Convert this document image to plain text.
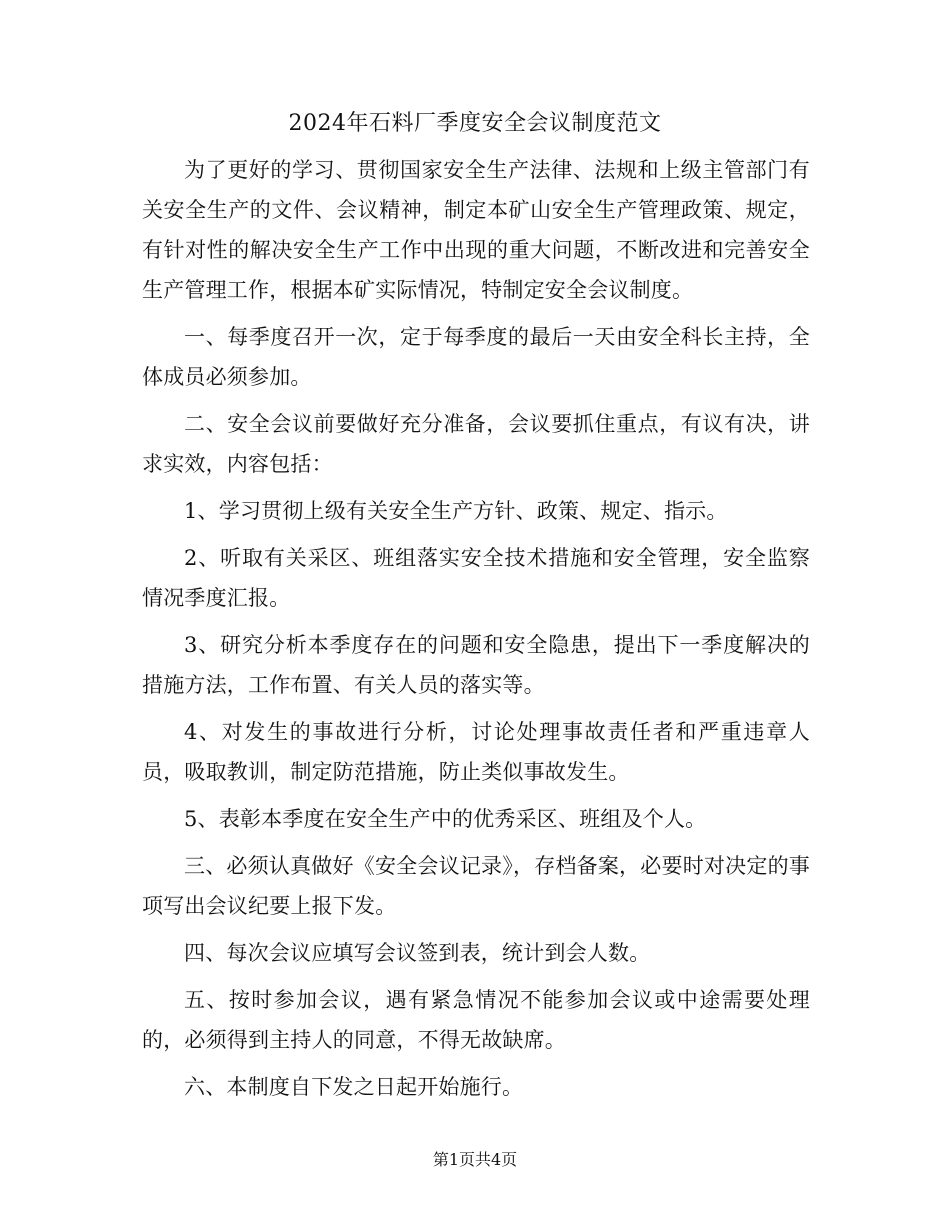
2024年石料厂季度安全会议制度范文

为了更好的学习、贯彻国家安全生产法律、法规和上级主管部门有关安全生产的文件、会议精神，制定本矿山安全生产管理政策、规定，有针对性的解决安全生产工作中出现的重大问题，不断改进和完善安全生产管理工作，根据本矿实际情况，特制定安全会议制度。

一、每季度召开一次，定于每季度的最后一天由安全科长主持，全体成员必须参加。

二、安全会议前要做好充分准备，会议要抓住重点，有议有决，讲求实效，内容包括：

1、学习贯彻上级有关安全生产方针、政策、规定、指示。

2、听取有关采区、班组落实安全技术措施和安全管理，安全监察情况季度汇报。

3、研究分析本季度存在的问题和安全隐患，提出下一季度解决的措施方法，工作布置、有关人员的落实等。

4、对发生的事故进行分析，讨论处理事故责任者和严重违章人员，吸取教训，制定防范措施，防止类似事故发生。

5、表彰本季度在安全生产中的优秀采区、班组及个人。

三、必须认真做好《安全会议记录》，存档备案，必要时对决定的事项写出会议纪要上报下发。

四、每次会议应填写会议签到表，统计到会人数。

五、按时参加会议，遇有紧急情况不能参加会议或中途需要处理的，必须得到主持人的同意，不得无故缺席。

六、本制度自下发之日起开始施行。

第1页共4页
